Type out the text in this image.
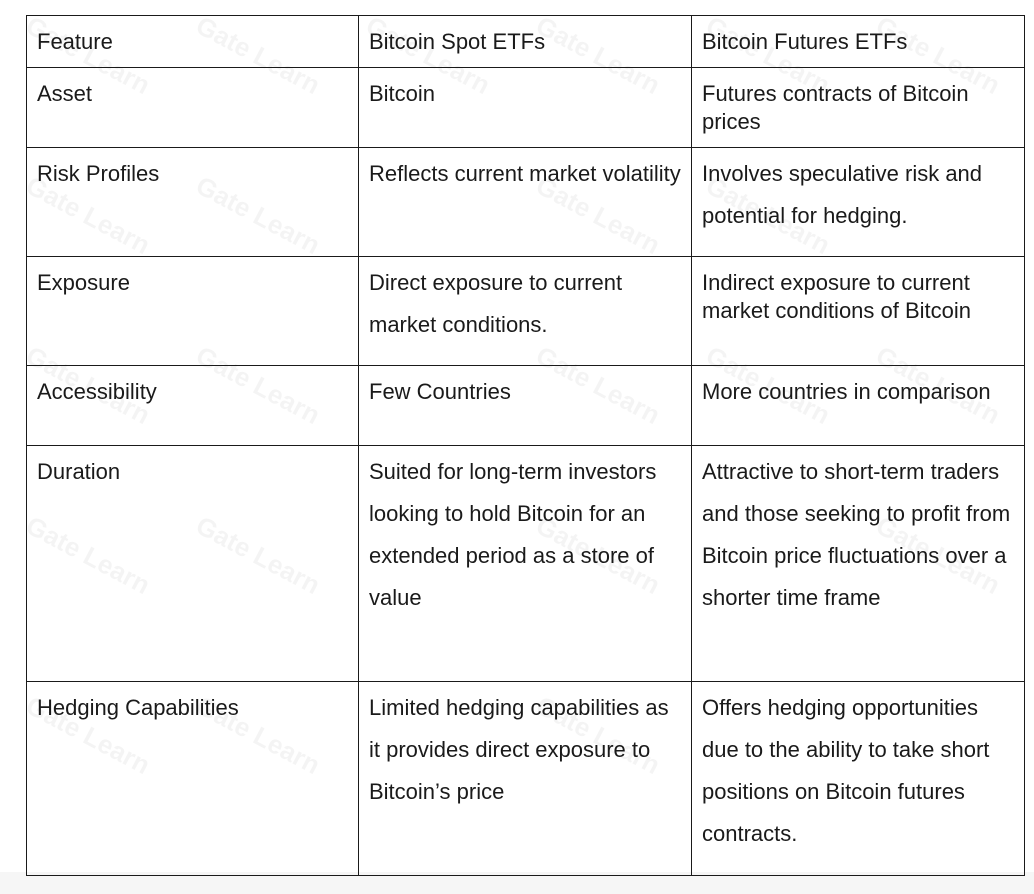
Feature	Bitcoin Spot ETFs	Bitcoin Futures ETFs

Asset	Bitcoin	Futures contracts of Bitcoin prices

Risk Profiles	Reflects current market volatility	Involves speculative risk and potential for hedging.

Exposure	Direct exposure to current market conditions.	Indirect exposure to current market conditions of Bitcoin

Accessibility	Few Countries	More countries in comparison

Duration	Suited for long-term investors looking to hold Bitcoin for an extended period as a store of value	Attractive to short-term traders and those seeking to profit from Bitcoin price fluctuations over a shorter time frame

Hedging Capabilities	Limited hedging capabilities as it provides direct exposure to Bitcoin’s price	Offers hedging opportunities due to the ability to take short positions on Bitcoin futures contracts.
